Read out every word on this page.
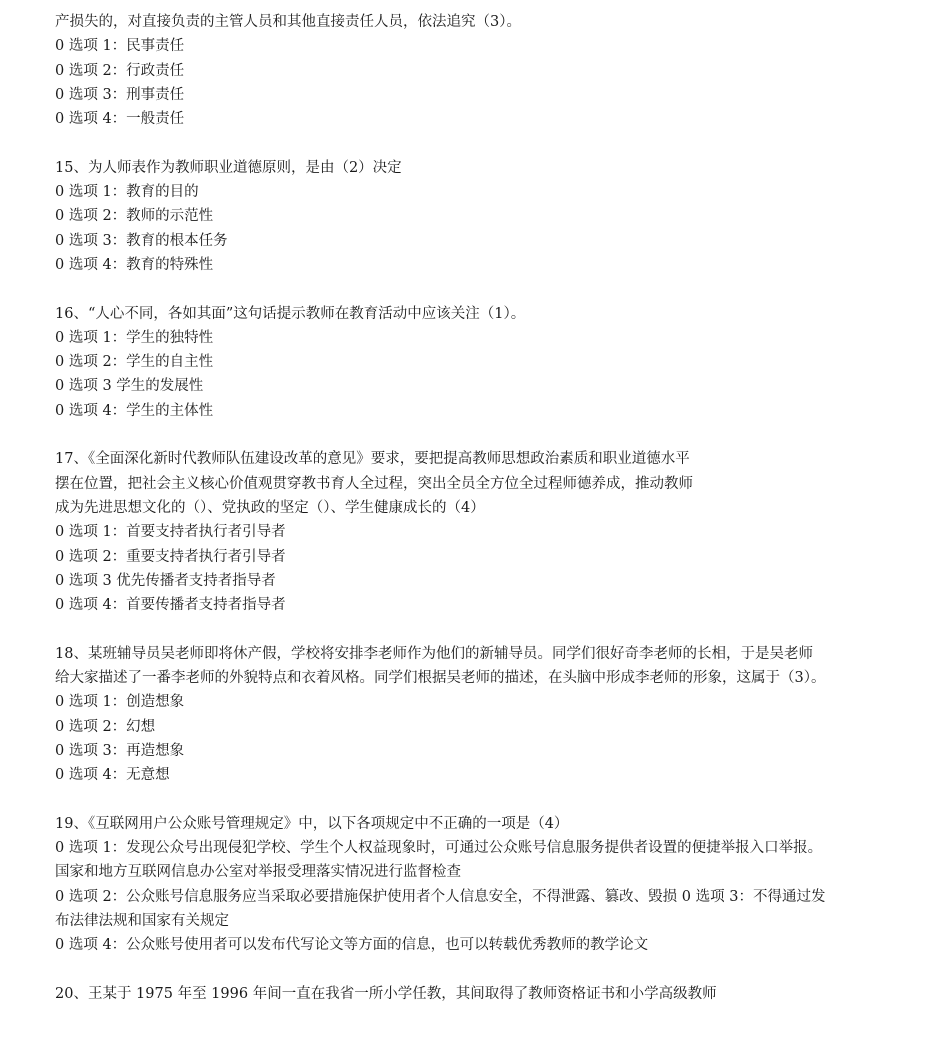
产损失的，对直接负责的主管人员和其他直接责任人员，依法追究（3）。
0 选项 1：民事责任
0 选项 2：行政责任
0 选项 3：刑事责任
0 选项 4：一般责任
15、为人师表作为教师职业道德原则，是由（2）决定
0 选项 1：教育的目的
0 选项 2：教师的示范性
0 选项 3：教育的根本任务
0 选项 4：教育的特殊性
16、“人心不同，各如其面”这句话提示教师在教育活动中应该关注（1）。
0 选项 1：学生的独特性
0 选项 2：学生的自主性
0 选项 3 学生的发展性
0 选项 4：学生的主体性
17、《全面深化新时代教师队伍建设改革的意见》要求，要把提高教师思想政治素质和职业道德水平
摆在位置，把社会主义核心价值观贯穿教书育人全过程，突出全员全方位全过程师德养成，推动教师
成为先进思想文化的（）、党执政的坚定（）、学生健康成长的（4）
0 选项 1：首要支持者执行者引导者
0 选项 2：重要支持者执行者引导者
0 选项 3 优先传播者支持者指导者
0 选项 4：首要传播者支持者指导者
18、某班辅导员吴老师即将休产假，学校将安排李老师作为他们的新辅导员。同学们很好奇李老师的长相，于是吴老师
给大家描述了一番李老师的外貌特点和衣着风格。同学们根据吴老师的描述，在头脑中形成李老师的形象，这属于（3）。
0 选项 1：创造想象
0 选项 2：幻想
0 选项 3：再造想象
0 选项 4：无意想
19、《互联网用户公众账号管理规定》中，以下各项规定中不正确的一项是（4）
0 选项 1：发现公众号出现侵犯学校、学生个人权益现象时，可通过公众账号信息服务提供者设置的便捷举报入口举报。
国家和地方互联网信息办公室对举报受理落实情况进行监督检查
0 选项 2：公众账号信息服务应当采取必要措施保护使用者个人信息安全，不得泄露、篡改、毁损 0 选项 3：不得通过发
布法律法规和国家有关规定
0 选项 4：公众账号使用者可以发布代写论文等方面的信息，也可以转载优秀教师的教学论文
20、王某于 1975 年至 1996 年间一直在我省一所小学任教，其间取得了教师资格证书和小学高级教师
